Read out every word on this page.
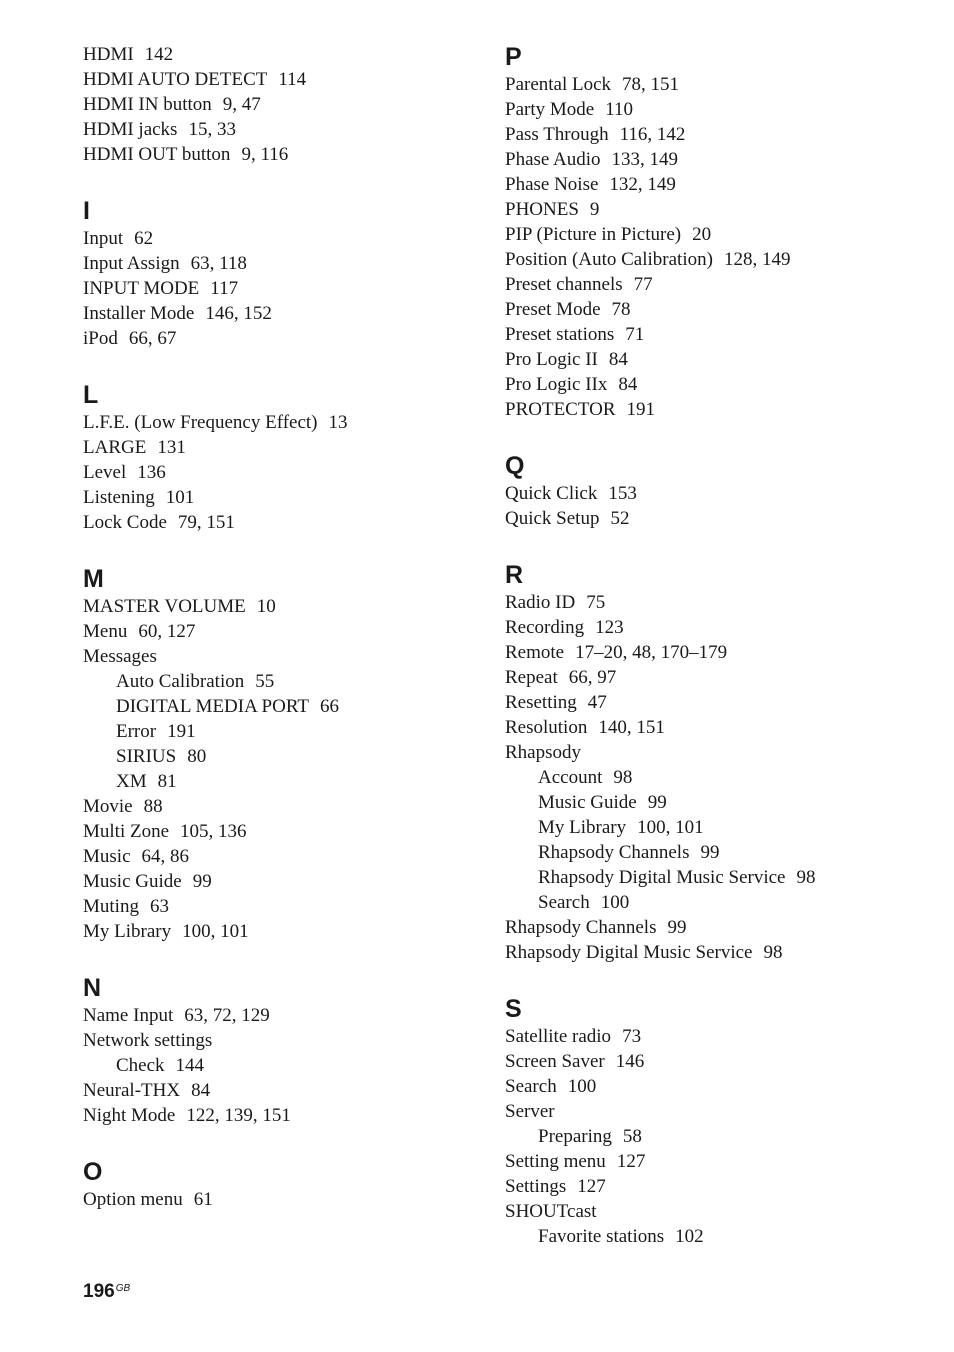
HDMI 142
HDMI AUTO DETECT 114
HDMI IN button 9, 47
HDMI jacks 15, 33
HDMI OUT button 9, 116
I
Input 62
Input Assign 63, 118
INPUT MODE 117
Installer Mode 146, 152
iPod 66, 67
L
L.F.E. (Low Frequency Effect) 13
LARGE 131
Level 136
Listening 101
Lock Code 79, 151
M
MASTER VOLUME 10
Menu 60, 127
Messages
Auto Calibration 55
DIGITAL MEDIA PORT 66
Error 191
SIRIUS 80
XM 81
Movie 88
Multi Zone 105, 136
Music 64, 86
Music Guide 99
Muting 63
My Library 100, 101
N
Name Input 63, 72, 129
Network settings
Check 144
Neural-THX 84
Night Mode 122, 139, 151
O
Option menu 61
P
Parental Lock 78, 151
Party Mode 110
Pass Through 116, 142
Phase Audio 133, 149
Phase Noise 132, 149
PHONES 9
PIP (Picture in Picture) 20
Position (Auto Calibration) 128, 149
Preset channels 77
Preset Mode 78
Preset stations 71
Pro Logic II 84
Pro Logic IIx 84
PROTECTOR 191
Q
Quick Click 153
Quick Setup 52
R
Radio ID 75
Recording 123
Remote 17–20, 48, 170–179
Repeat 66, 97
Resetting 47
Resolution 140, 151
Rhapsody
Account 98
Music Guide 99
My Library 100, 101
Rhapsody Channels 99
Rhapsody Digital Music Service 98
Search 100
Rhapsody Channels 99
Rhapsody Digital Music Service 98
S
Satellite radio 73
Screen Saver 146
Search 100
Server
Preparing 58
Setting menu 127
Settings 127
SHOUTcast
Favorite stations 102
$196^{GB}$
